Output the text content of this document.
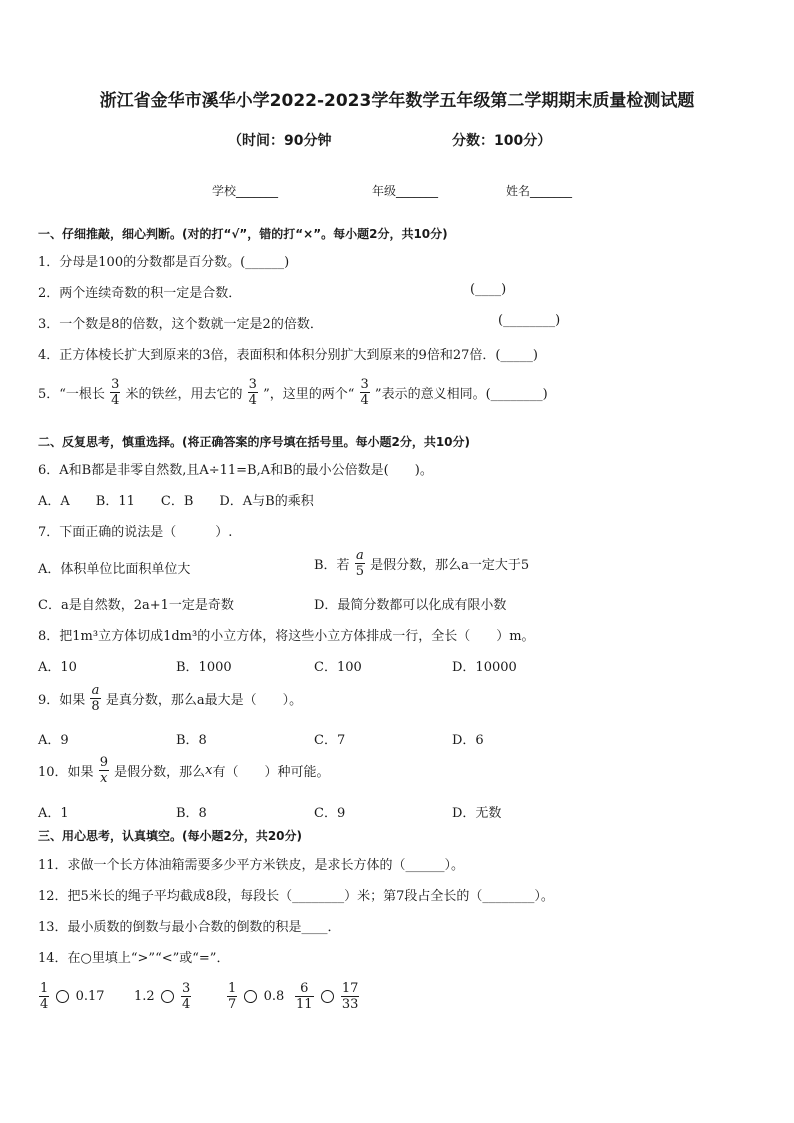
浙江省金华市溪华小学2022-2023学年数学五年级第二学期期末质量检测试题
（时间：90分钟	分数：100分）
学校_______	年级_______	姓名_______
一、仔细推敲，细心判断。(对的打“√”，错的打“×”。每小题2分，共10分)
1．分母是100的分数都是百分数。(______)
2．两个连续奇数的积一定是合数．	(____)
3．一个数是8的倍数，这个数就一定是2的倍数．	(________)
4．正方体棱长扩大到原来的3倍，表面积和体积分别扩大到原来的9倍和27倍．(_____)
5．“一根长 $\frac{3}{4}$ 米的铁丝，用去它的 $\frac{3}{4}$ ”，这里的两个“ $\frac{3}{4}$ ”表示的意义相同。(________)
二、反复思考，慎重选择。(将正确答案的序号填在括号里。每小题2分，共10分)
6．A和B都是非零自然数,且A÷11=B,A和B的最小公倍数是(　　)。
A．A　　B．11　　C．B　　D．A与B的乘积
7．下面正确的说法是（　　　）.
A．体积单位比面积单位大	B．若 $\frac{a}{5}$ 是假分数，那么a一定大于5
C．a是自然数，2a+1一定是奇数	D．最简分数都可以化成有限小数
8．把1m³立方体切成1dm³的小立方体，将这些小立方体排成一行，全长（　　）m。
A．10	B．1000	C．100	D．10000
9．如果 $\frac{a}{8}$ 是真分数，那么a最大是（　　）。
A．9	B．8	C．7	D．6
10．如果 $\frac{9}{x}$ 是假分数，那么x有（　　）种可能。
A．1	B．8	C．9	D．无数
三、用心思考，认真填空。(每小题2分，共20分)
11．求做一个长方体油箱需要多少平方米铁皮，是求长方体的（______）。
12．把5米长的绳子平均截成8段，每段长（________）米；第7段占全长的（________）。
13．最小质数的倒数与最小合数的倒数的积是____．
14．在○里填上“>”“<”或“=”．
$\frac{1}{4} 0.17$ $1.2 \frac{3}{4}$	$\frac{1}{7} 0.8 \frac{6}{11}$
$\frac{17}{33}$
